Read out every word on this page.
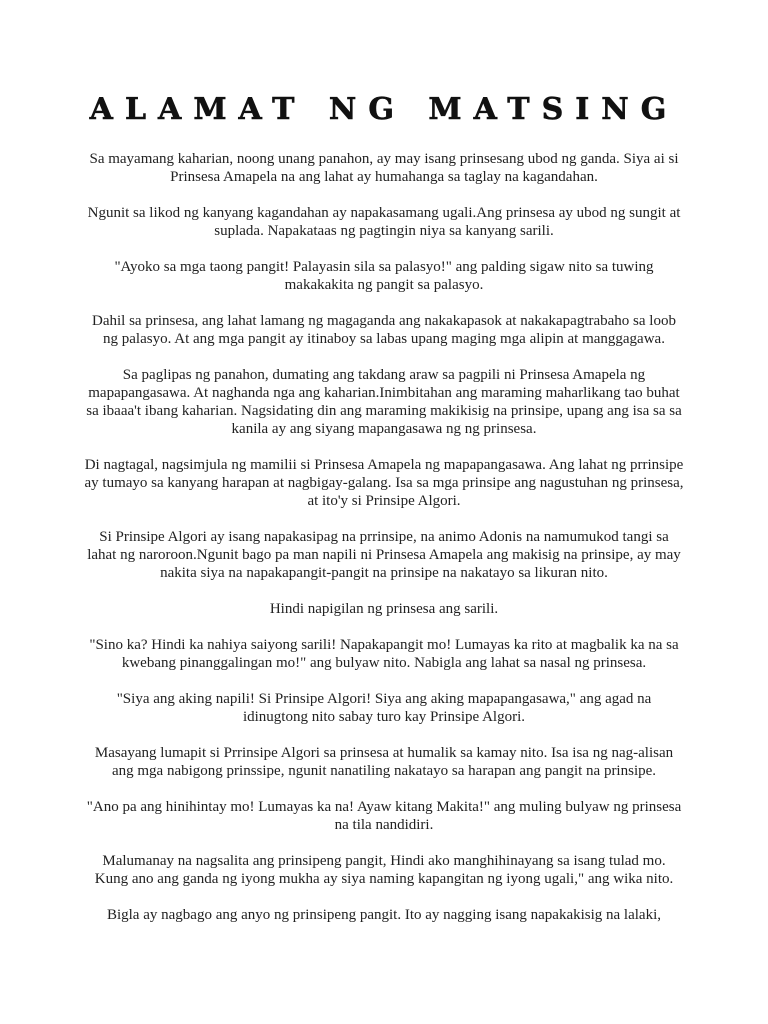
ALAMAT NG MATSING

Sa mayamang kaharian, noong unang panahon, ay may isang prinsesang ubod ng ganda. Siya ai si Prinsesa Amapela na ang lahat ay humahanga sa taglay na kagandahan.

Ngunit sa likod ng kanyang kagandahan ay napakasamang ugali.Ang prinsesa ay ubod ng sungit at suplada. Napakataas ng pagtingin niya sa kanyang sarili.

"Ayoko sa mga taong pangit! Palayasin sila sa palasyo!" ang palding sigaw nito sa tuwing makakakita ng pangit sa palasyo.

Dahil sa prinsesa, ang lahat lamang ng magaganda ang nakakapasok at nakakapagtrabaho sa loob ng palasyo. At ang mga pangit ay itinaboy sa labas upang maging mga alipin at manggagawa.

Sa paglipas ng panahon, dumating ang takdang araw sa pagpili ni Prinsesa Amapela ng mapapangasawa. At naghanda nga ang kaharian.Inimbitahan ang maraming maharlikang tao buhat sa ibaaa't ibang kaharian. Nagsidating din ang maraming makikisig na prinsipe, upang ang isa sa sa kanila ay ang siyang mapangasawa ng ng prinsesa.

Di nagtagal, nagsimjula ng mamilii si Prinsesa Amapela ng mapapangasawa. Ang lahat ng prrinsipe ay tumayo sa kanyang harapan at nagbigay-galang. Isa sa mga prinsipe ang nagustuhan ng prinsesa, at ito'y si Prinsipe Algori.

Si Prinsipe Algori ay isang napakasipag na prrinsipe, na animo Adonis na namumukod tangi sa lahat ng naroroon.Ngunit bago pa man napili ni Prinsesa Amapela ang makisig na prinsipe, ay may nakita siya na napakapangit-pangit na prinsipe na nakatayo sa likuran nito.

Hindi napigilan ng prinsesa ang sarili.

"Sino ka? Hindi ka nahiya saiyong sarili! Napakapangit mo! Lumayas ka rito at magbalik ka na sa kwebang pinanggalingan mo!" ang bulyaw nito. Nabigla ang lahat sa nasal ng prinsesa.

"Siya ang aking napili! Si Prinsipe Algori! Siya ang aking mapapangasawa," ang agad na idinugtong nito sabay turo kay Prinsipe Algori.

Masayang lumapit si Prrinsipe Algori sa prinsesa at humalik sa kamay nito. Isa isa ng nag-alisan ang mga nabigong prinssipe, ngunit nanatiling nakatayo sa harapan ang pangit na prinsipe.

"Ano pa ang hinihintay mo! Lumayas ka na! Ayaw kitang Makita!" ang muling bulyaw ng prinsesa na tila nandidiri.

Malumanay na nagsalita ang prinsipeng pangit, Hindi ako manghihinayang sa isang tulad mo. Kung ano ang ganda ng iyong mukha ay siya naming kapangitan ng iyong ugali," ang wika nito.

Bigla ay nagbago ang anyo ng prinsipeng pangit. Ito ay nagging isang napakakisig na lalaki,
